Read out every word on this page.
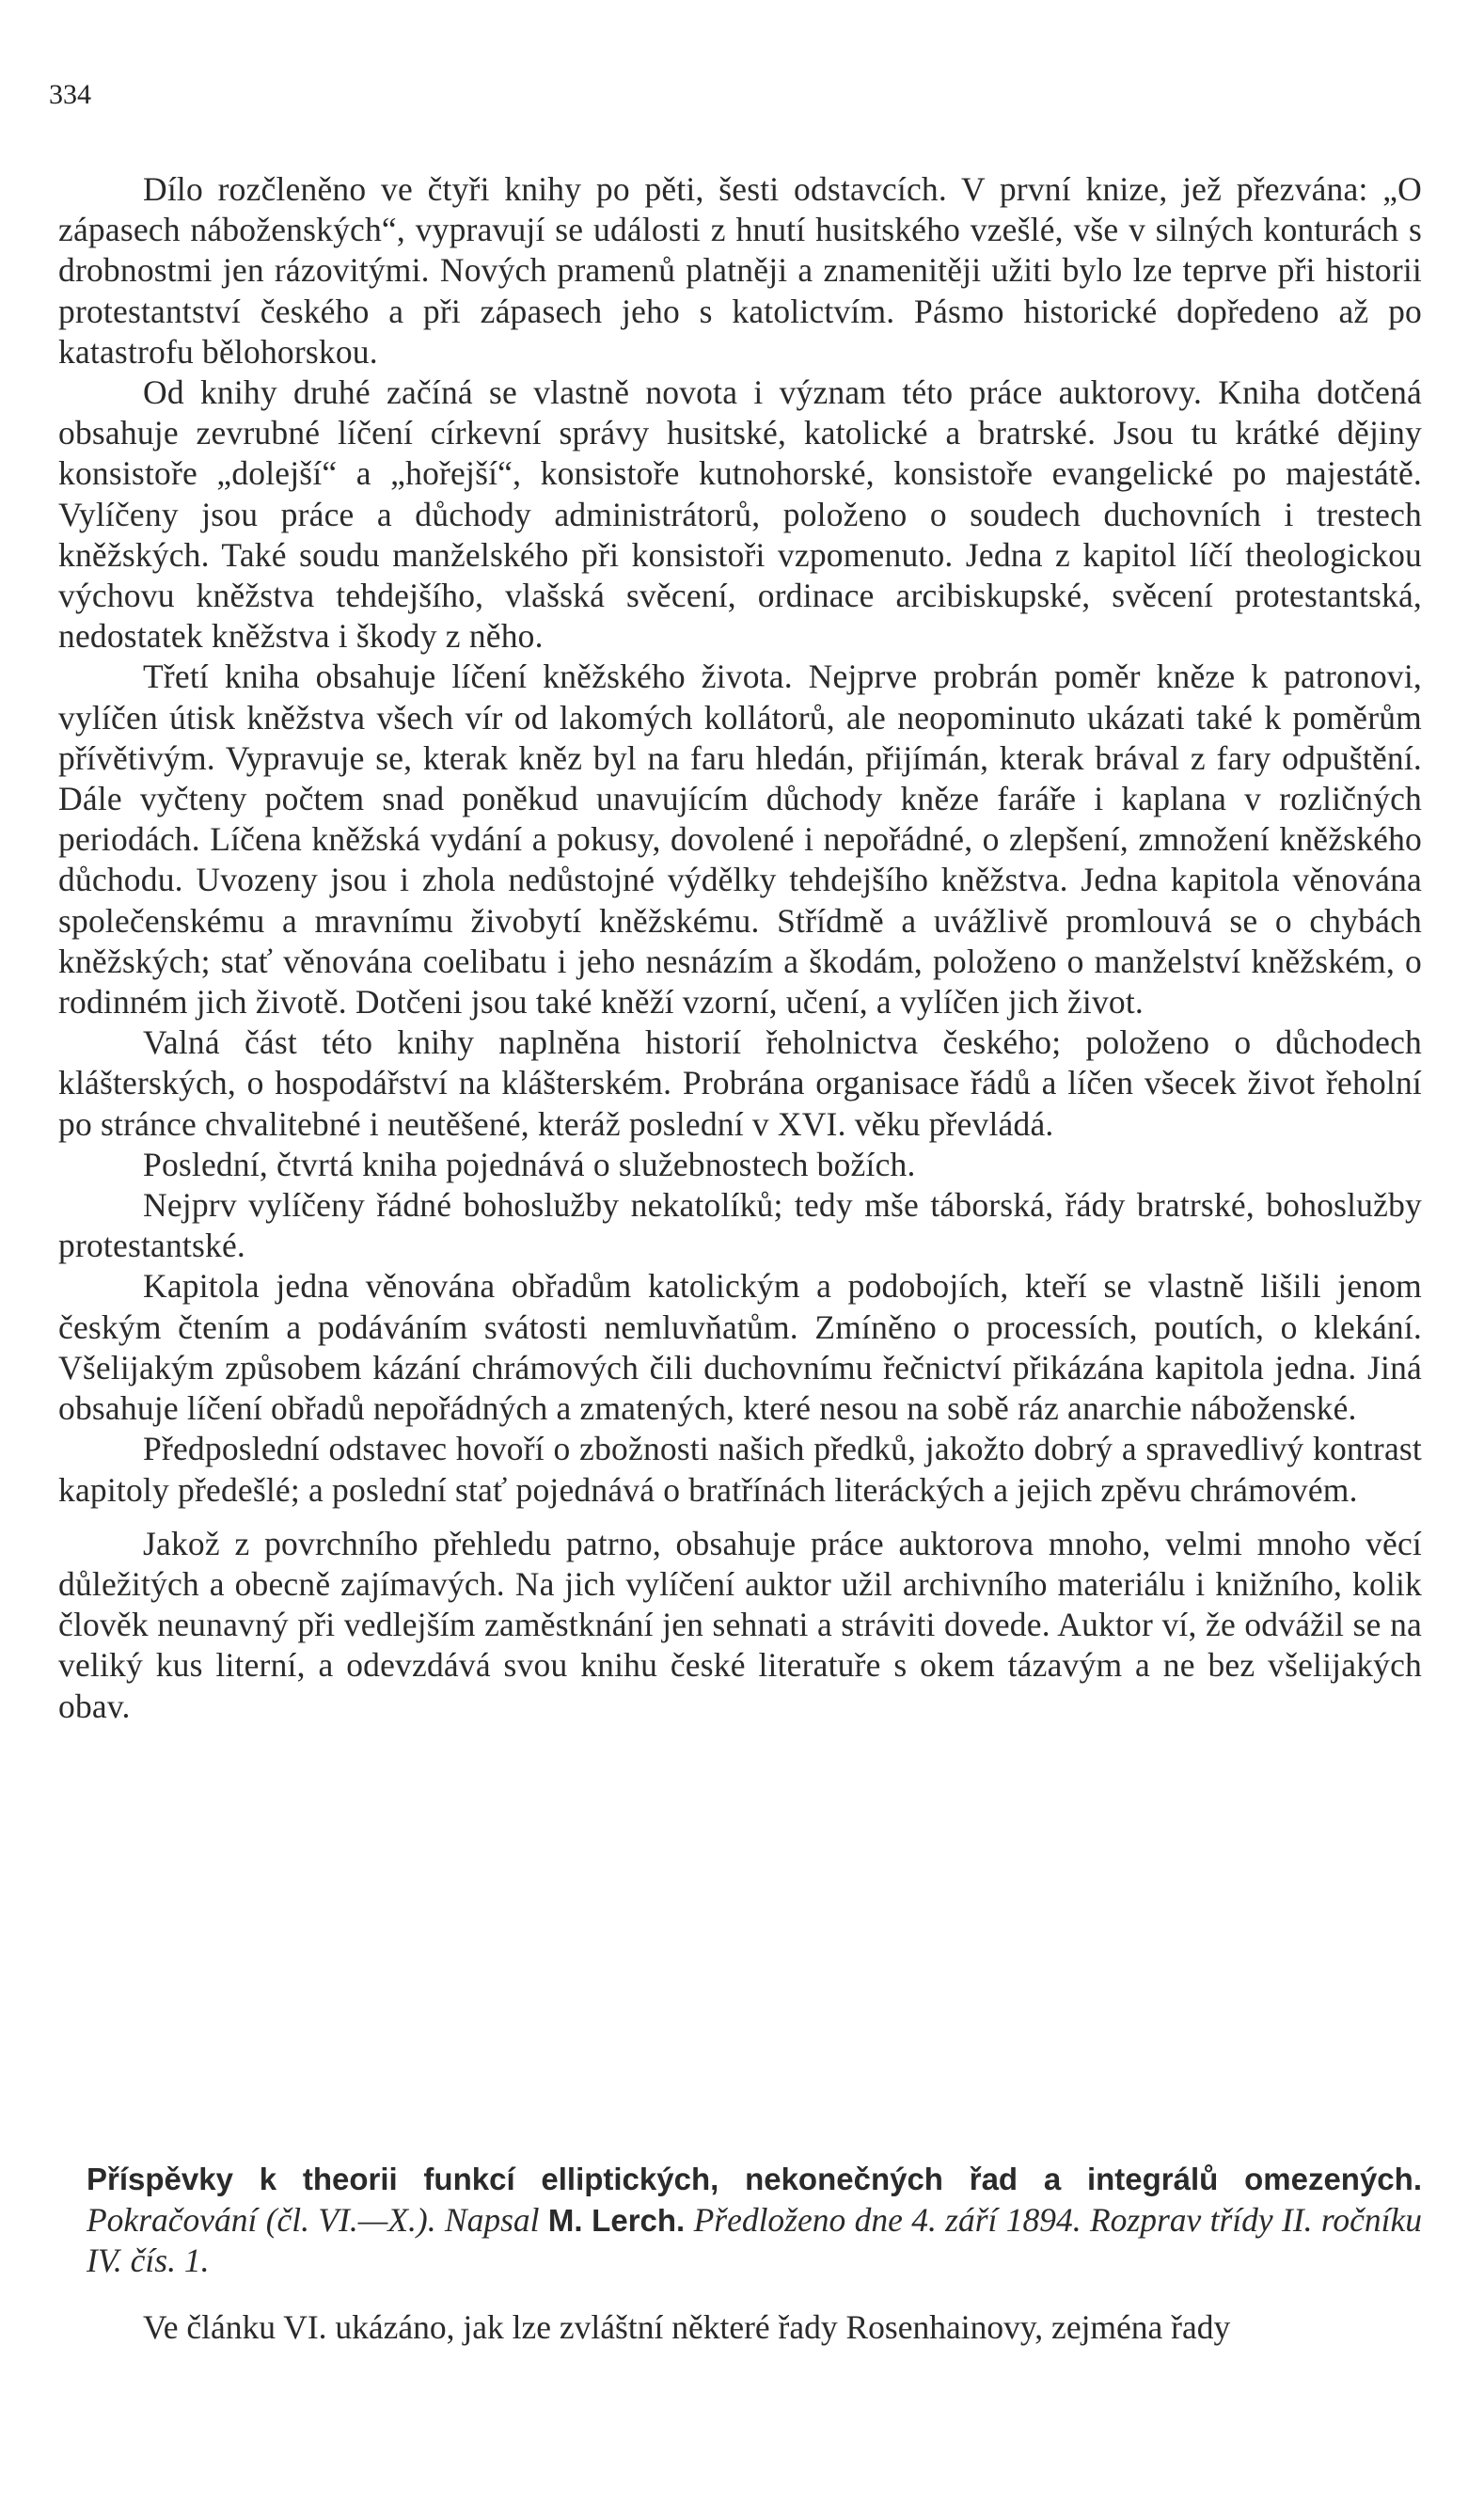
334

Dílo rozčleněno ve čtyři knihy po pěti, šesti odstavcích. V první knize, jež přezvána: „O zápasech náboženských“, vypravují se události z hnutí husitského vzešlé, vše v silných konturách s drobnostmi jen rázovitými. Nových pramenů platněji a znamenitěji užiti bylo lze teprve při historii protestantství českého a při zápasech jeho s katolictvím. Pásmo historické dopředeno až po katastrofu bělohorskou.

Od knihy druhé začíná se vlastně novota i význam této práce auktorovy. Kniha dotčená obsahuje zevrubné líčení církevní správy husitské, katolické a bratrské. Jsou tu krátké dějiny konsistoře „dolejší“ a „hořejší“, konsistoře kutnohorské, konsistoře evangelické po majestátě. Vylíčeny jsou práce a důchody administrátorů, položeno o soudech duchovních i trestech kněžských. Také soudu manželského při konsistoři vzpomenuto. Jedna z kapitol líčí theologickou výchovu kněžstva tehdejšího, vlašská svěcení, ordinace arcibiskupské, svěcení protestantská, nedostatek kněžstva i škody z něho.

Třetí kniha obsahuje líčení kněžského života. Nejprve probrán poměr kněze k patronovi, vylíčen útisk kněžstva všech vír od lakomých kollátorů, ale neopominuto ukázati také k poměrům přívětivým. Vypravuje se, kterak kněz byl na faru hledán, přijímán, kterak brával z fary odpuštění. Dále vyčteny počtem snad poněkud unavujícím důchody kněze faráře i kaplana v rozličných periodách. Líčena kněžská vydání a pokusy, dovolené i nepořádné, o zlepšení, zmnožení kněžského důchodu. Uvozeny jsou i zhola nedůstojné výdělky tehdejšího kněžstva. Jedna kapitola věnována společenskému a mravnímu živobytí kněžskému. Střídmě a uvážlivě promlouvá se o chybách kněžských; stať věnována coelibatu i jeho nesnázím a škodám, položeno o manželství kněžském, o rodinném jich životě. Dotčeni jsou také kněží vzorní, učení, a vylíčen jich život.

Valná část této knihy naplněna historií řeholnictva českého; položeno o důchodech klášterských, o hospodářství na klášterském. Probrána organisace řádů a líčen všecek život řeholní po stránce chvalitebné i neutěšené, kteráž poslední v XVI. věku převládá.

Poslední, čtvrtá kniha pojednává o služebnostech božích.

Nejprv vylíčeny řádné bohoslužby nekatolíků; tedy mše táborská, řády bratrské, bohoslužby protestantské.

Kapitola jedna věnována obřadům katolickým a podobojích, kteří se vlastně lišili jenom českým čtením a podáváním svátosti nemluvňatům. Zmíněno o processích, poutích, o klekání. Všelijakým způsobem kázání chrámových čili duchovnímu řečnictví přikázána kapitola jedna. Jiná obsahuje líčení obřadů nepořádných a zmatených, které nesou na sobě ráz anarchie náboženské.

Předposlední odstavec hovoří o zbožnosti našich předků, jakožto dobrý a spravedlivý kontrast kapitoly předešlé; a poslední stať pojednává o bratřínách literáckých a jejich zpěvu chrámovém.

Jakož z povrchního přehledu patrno, obsahuje práce auktorova mnoho, velmi mnoho věcí důležitých a obecně zajímavých. Na jich vylíčení auktor užil archivního materiálu i knižního, kolik člověk neunavný při vedlejším zaměstknání jen sehnati a stráviti dovede. Auktor ví, že odvážil se na veliký kus literní, a odevzdává svou knihu české literatuře s okem tázavým a ne bez všelijakých obav.

Příspěvky k theorii funkcí elliptických, nekonečných řad a integrálů omezených. Pokračování (čl. VI.—X.). Napsal M. Lerch. Předloženo dne 4. září 1894. Rozprav třídy II. ročníku IV. čís. 1.

Ve článku VI. ukázáno, jak lze zvláštní některé řady Rosenhainovy, zejména řady
